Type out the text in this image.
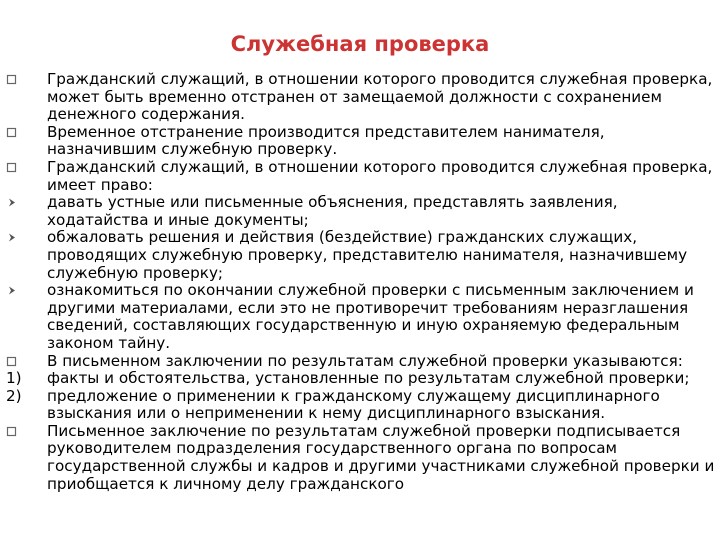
Служебная проверка
Гражданский служащий, в отношении которого проводится служебная проверка, может быть временно отстранен от замещаемой должности с сохранением денежного содержания.
Временное отстранение производится представителем нанимателя, назначившим служебную проверку.
Гражданский служащий, в отношении которого проводится служебная проверка, имеет право:
давать устные или письменные объяснения, представлять заявления, ходатайства и иные документы;
обжаловать решения и действия (бездействие) гражданских служащих, проводящих служебную проверку, представителю нанимателя, назначившему служебную проверку;
ознакомиться по окончании служебной проверки с письменным заключением и другими материалами, если это не противоречит требованиям неразглашения сведений, составляющих государственную и иную охраняемую федеральным законом тайну.
В письменном заключении по результатам служебной проверки указываются:
1) факты и обстоятельства, установленные по результатам служебной проверки;
2) предложение о применении к гражданскому служащему дисциплинарного взыскания или о неприменении к нему дисциплинарного взыскания.
Письменное заключение по результатам служебной проверки подписывается руководителем подразделения государственного органа по вопросам государственной службы и кадров и другими участниками служебной проверки и приобщается к личному делу гражданского
